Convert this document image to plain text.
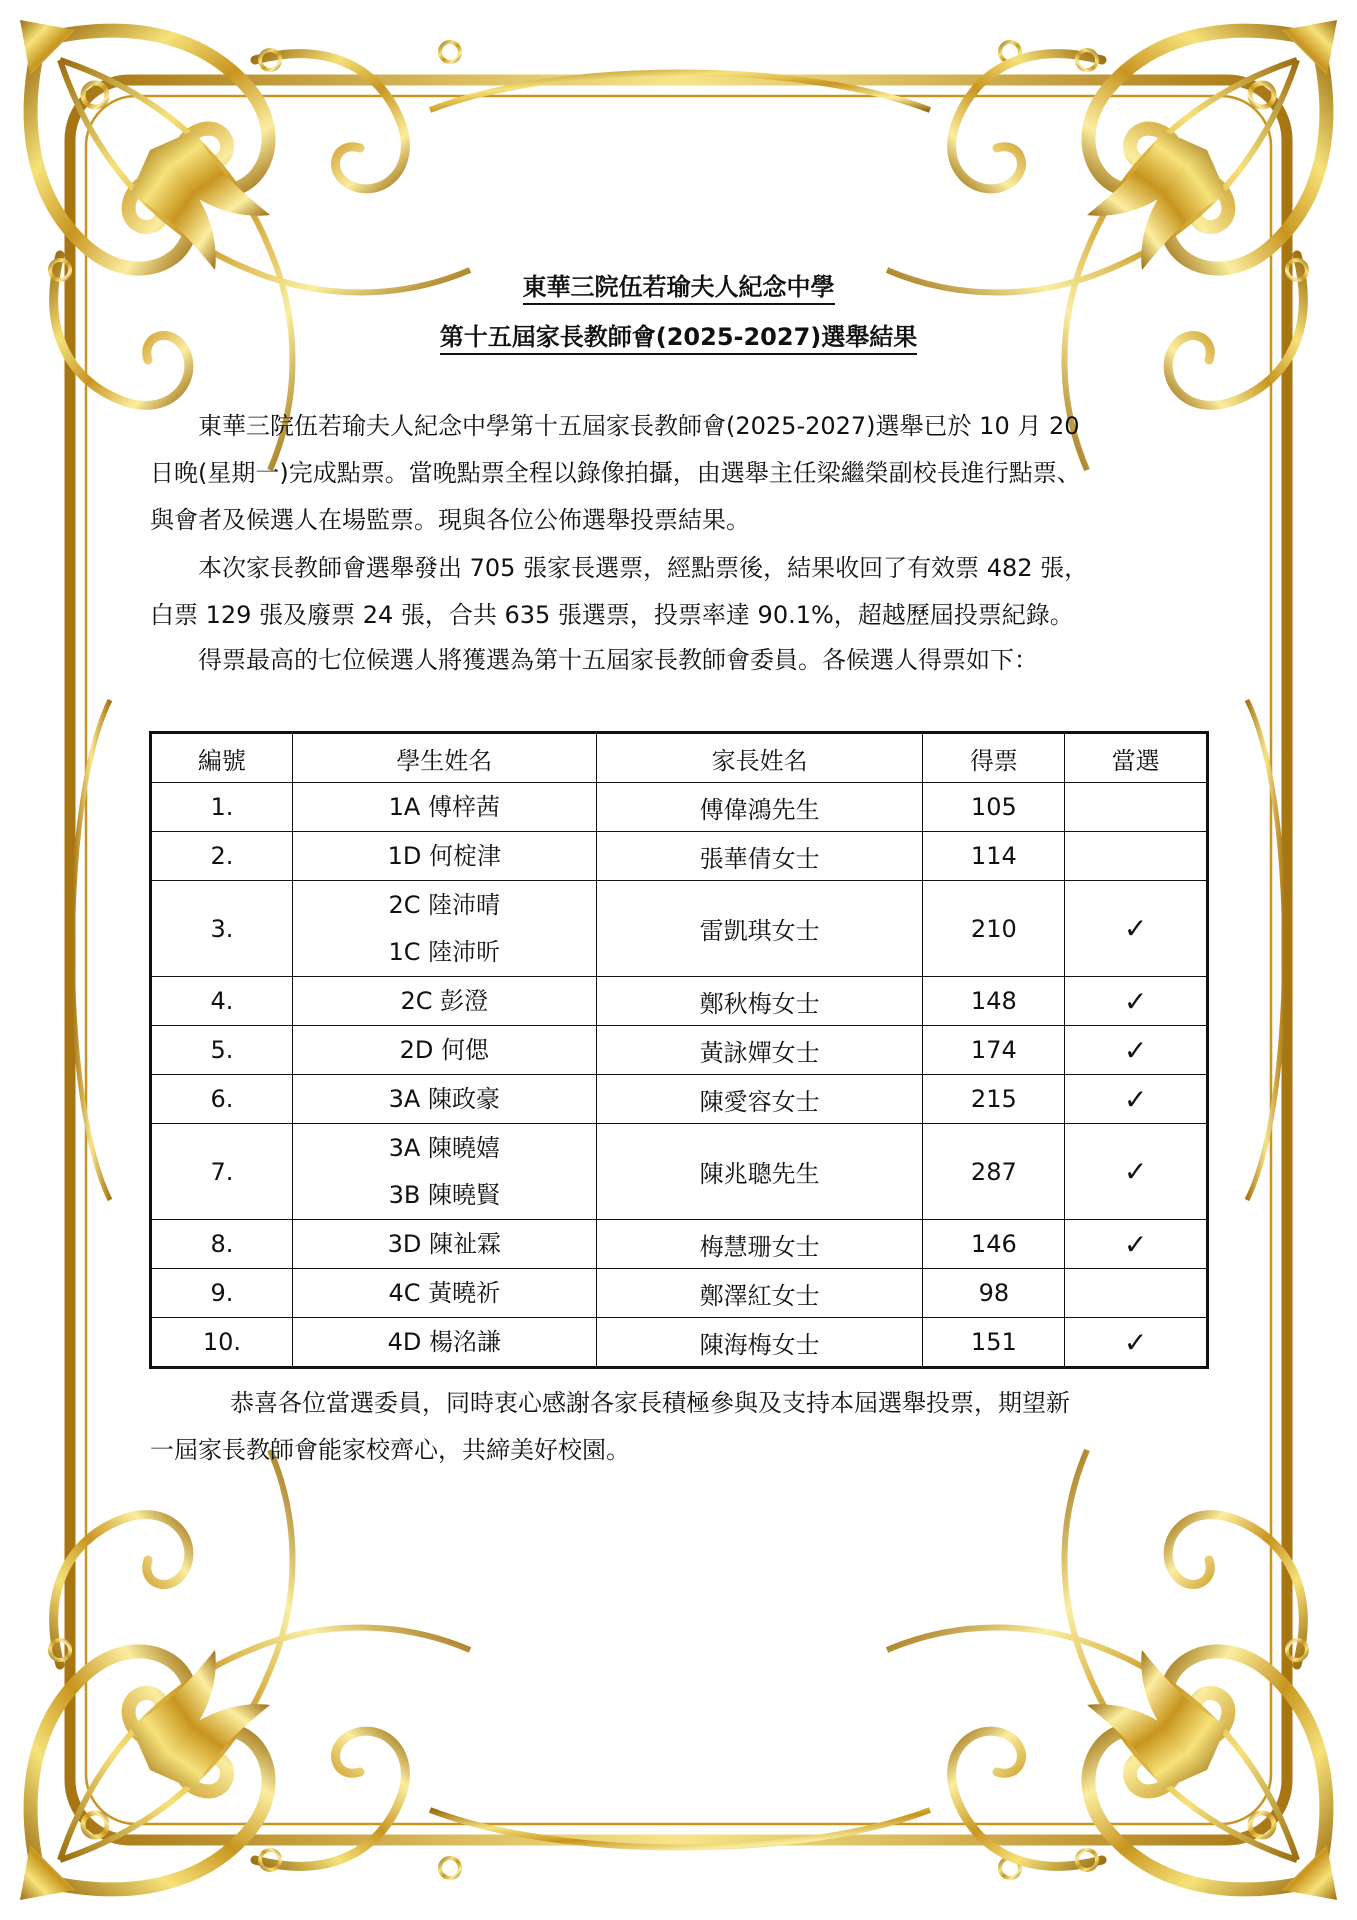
東華三院伍若瑜夫人紀念中學
第十五屆家長教師會(2025-2027)選舉結果

東華三院伍若瑜夫人紀念中學第十五屆家長教師會(2025-2027)選舉已於 10 月 20
日晚(星期一)完成點票。當晚點票全程以錄像拍攝，由選舉主任梁繼榮副校長進行點票、
與會者及候選人在場監票。現與各位公佈選舉投票結果。

本次家長教師會選舉發出 705 張家長選票，經點票後，結果收回了有效票 482 張，
白票 129 張及廢票 24 張，合共 635 張選票，投票率達 90.1%，超越歷屆投票紀錄。

得票最高的七位候選人將獲選為第十五屆家長教師會委員。各候選人得票如下：

編號	學生姓名	家長姓名	得票	當選
1.	1A 傅梓茜	傅偉鴻先生	105	
2.	1D 何椗津	張華倩女士	114	
3.	2C 陸沛晴
1C 陸沛昕	雷凱琪女士	210	✓
4.	2C 彭澄	鄭秋梅女士	148	✓
5.	2D 何偲	黃詠嬋女士	174	✓
6.	3A 陳政豪	陳愛容女士	215	✓
7.	3A 陳曉嬉
3B 陳曉賢	陳兆聰先生	287	✓
8.	3D 陳祉霖	梅慧珊女士	146	✓
9.	4C 黃曉祈	鄭澤紅女士	98	
10.	4D 楊洺謙	陳海梅女士	151	✓

恭喜各位當選委員，同時衷心感謝各家長積極參與及支持本屆選舉投票，期望新
一屆家長教師會能家校齊心，共締美好校園。
